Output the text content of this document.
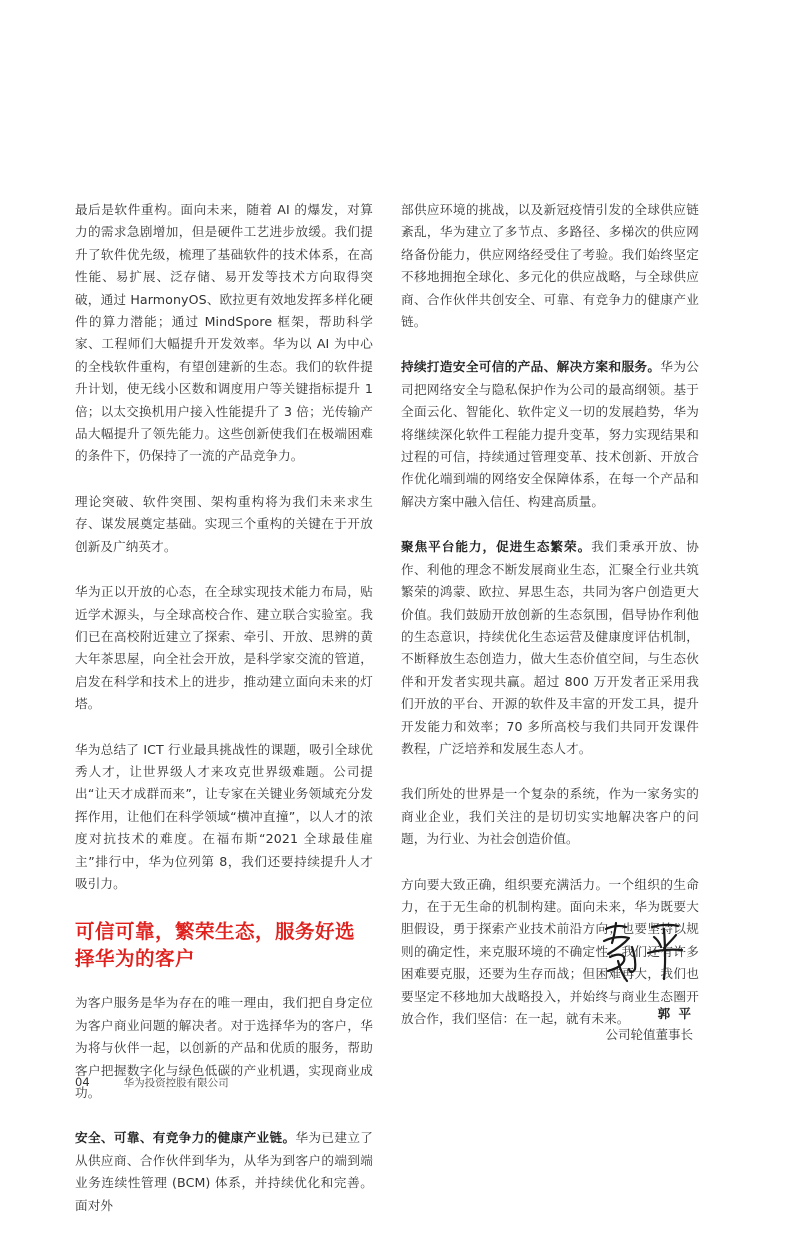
最后是软件重构。面向未来，随着 AI 的爆发，对算力的需求急剧增加，但是硬件工艺进步放缓。我们提升了软件优先级，梳理了基础软件的技术体系，在高性能、易扩展、泛存储、易开发等技术方向取得突破，通过 HarmonyOS、欧拉更有效地发挥多样化硬件的算力潜能；通过 MindSpore 框架，帮助科学家、工程师们大幅提升开发效率。华为以 AI 为中心的全栈软件重构，有望创建新的生态。我们的软件提升计划，使无线小区数和调度用户等关键指标提升 1 倍；以太交换机用户接入性能提升了 3 倍；光传输产品大幅提升了领先能力。这些创新使我们在极端困难的条件下，仍保持了一流的产品竞争力。

理论突破、软件突围、架构重构将为我们未来求生存、谋发展奠定基础。实现三个重构的关键在于开放创新及广纳英才。

华为正以开放的心态，在全球实现技术能力布局，贴近学术源头，与全球高校合作、建立联合实验室。我们已在高校附近建立了探索、牵引、开放、思辨的黄大年茶思屋，向全社会开放，是科学家交流的管道，启发在科学和技术上的进步，推动建立面向未来的灯塔。

华为总结了 ICT 行业最具挑战性的课题，吸引全球优秀人才，让世界级人才来攻克世界级难题。公司提出“让天才成群而来”，让专家在关键业务领域充分发挥作用，让他们在科学领域“横冲直撞”，以人才的浓度对抗技术的难度。在福布斯“2021 全球最佳雇主”排行中，华为位列第 8，我们还要持续提升人才吸引力。

可信可靠，繁荣生态，服务好选择华为的客户

为客户服务是华为存在的唯一理由，我们把自身定位为客户商业问题的解决者。对于选择华为的客户，华为将与伙伴一起，以创新的产品和优质的服务，帮助客户把握数字化与绿色低碳的产业机遇，实现商业成功。

安全、可靠、有竞争力的健康产业链。华为已建立了从供应商、合作伙伴到华为，从华为到客户的端到端业务连续性管理 (BCM) 体系，并持续优化和完善。面对外

部供应环境的挑战，以及新冠疫情引发的全球供应链紊乱，华为建立了多节点、多路径、多梯次的供应网络备份能力，供应网络经受住了考验。我们始终坚定不移地拥抱全球化、多元化的供应战略，与全球供应商、合作伙伴共创安全、可靠、有竞争力的健康产业链。

持续打造安全可信的产品、解决方案和服务。华为公司把网络安全与隐私保护作为公司的最高纲领。基于全面云化、智能化、软件定义一切的发展趋势，华为将继续深化软件工程能力提升变革，努力实现结果和过程的可信，持续通过管理变革、技术创新、开放合作优化端到端的网络安全保障体系，在每一个产品和解决方案中融入信任、构建高质量。

聚焦平台能力，促进生态繁荣。我们秉承开放、协作、利他的理念不断发展商业生态，汇聚全行业共筑繁荣的鸿蒙、欧拉、昇思生态，共同为客户创造更大价值。我们鼓励开放创新的生态氛围，倡导协作利他的生态意识，持续优化生态运营及健康度评估机制，不断释放生态创造力，做大生态价值空间，与生态伙伴和开发者实现共赢。超过 800 万开发者正采用我们开放的平台、开源的软件及丰富的开发工具，提升开发能力和效率；70 多所高校与我们共同开发课件教程，广泛培养和发展生态人才。

我们所处的世界是一个复杂的系统，作为一家务实的商业企业，我们关注的是切切实实地解决客户的问题，为行业、为社会创造价值。

方向要大致正确，组织要充满活力。一个组织的生命力，在于无生命的机制构建。面向未来，华为既要大胆假设，勇于探索产业技术前沿方向；也要坚持以规则的确定性，来克服环境的不确定性。我们还有许多困难要克服，还要为生存而战；但困难再大，我们也要坚定不移地加大战略投入，并始终与商业生态圈开放合作，我们坚信：在一起，就有未来。	郭 平
公司轮值董事长
04	华为投资控股有限公司
